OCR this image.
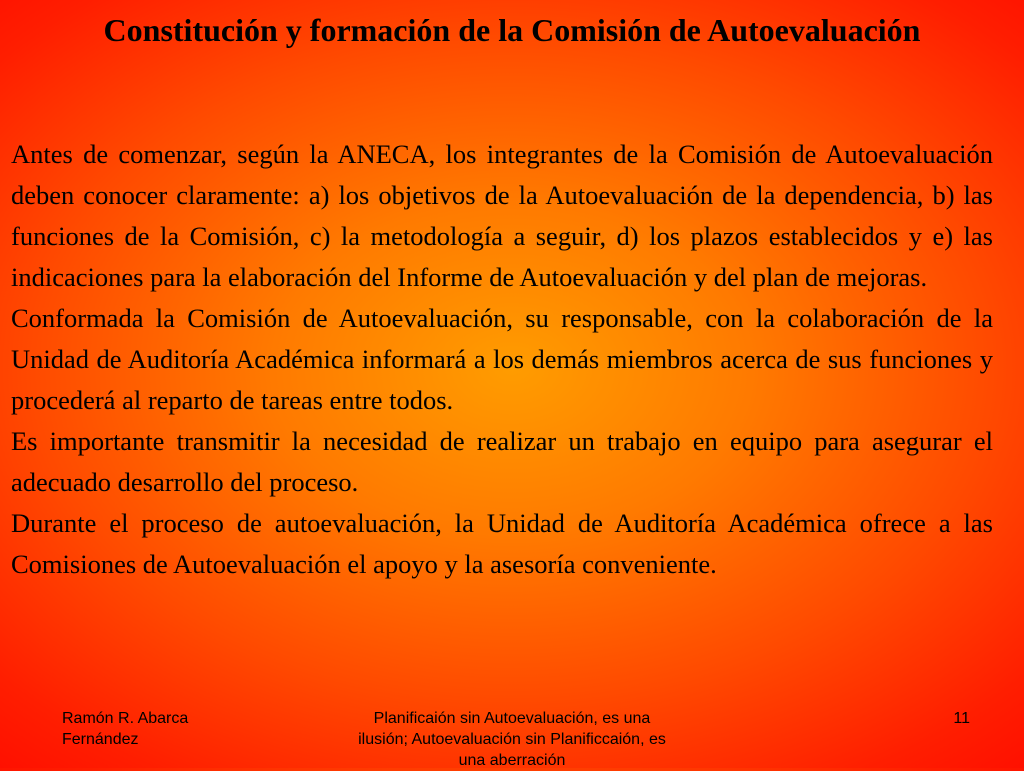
Constitución y formación de la Comisión de Autoevaluación

Antes de comenzar, según la ANECA, los integrantes de la Comisión de Autoevaluación deben conocer claramente: a) los objetivos de la Autoevaluación de la dependencia, b) las funciones de la Comisión, c) la metodología a seguir, d) los plazos establecidos y e) las indicaciones para la elaboración del Informe de Autoevaluación y del plan de mejoras.

Conformada la Comisión de Autoevaluación, su responsable, con la colaboración de la Unidad de Auditoría Académica informará a los demás miembros acerca de sus funciones y procederá al reparto de tareas entre todos.

Es importante transmitir la necesidad de realizar un trabajo en equipo para asegurar el adecuado desarrollo del proceso.

Durante el proceso de autoevaluación, la Unidad de Auditoría Académica ofrece a las Comisiones de Autoevaluación el apoyo y la asesoría conveniente.

Ramón R. Abarca Fernández
Planificaión sin Autoevaluación, es una ilusión; Autoevaluación sin Planificcaión, es una aberración
11
